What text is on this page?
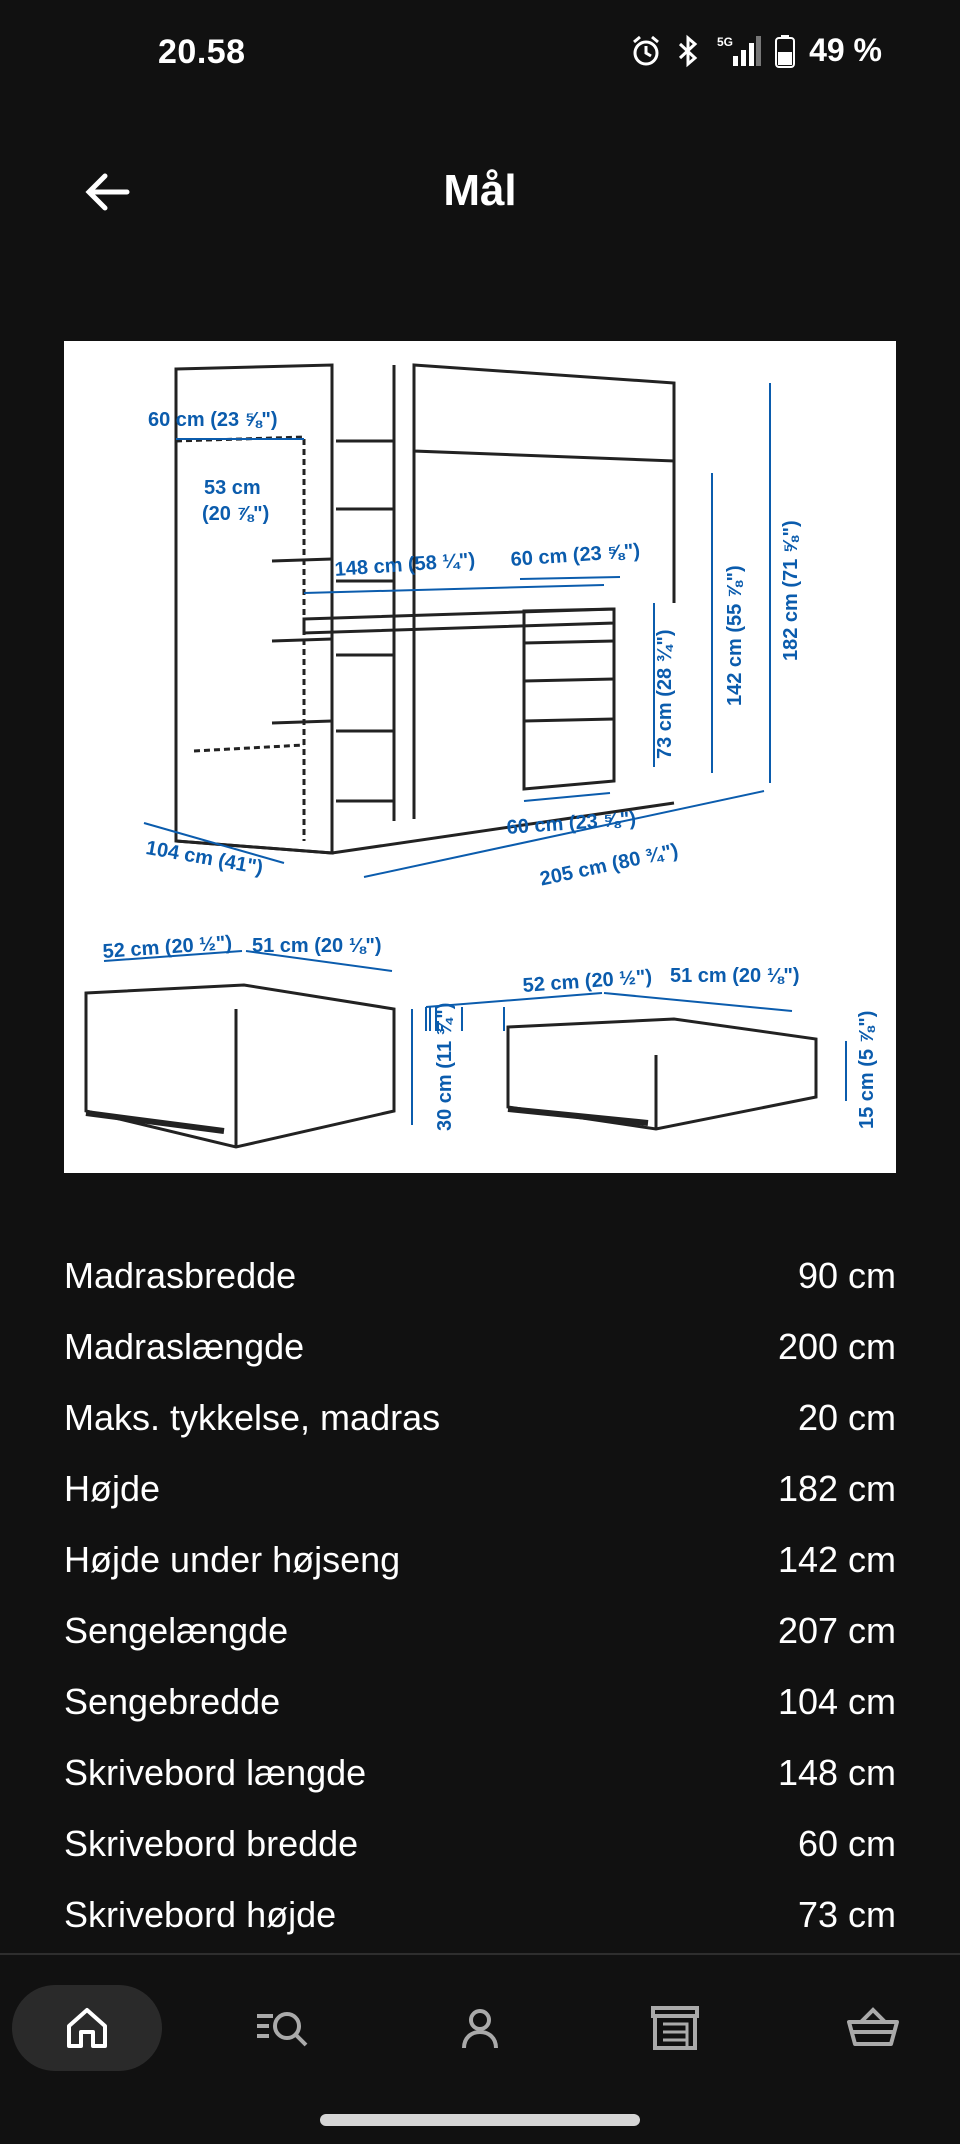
20.58	5G 49 %
Mål
60 cm (23 ⅝")
53 cm
(20 ⅞")
148 cm (58 ¼") 60 cm (23 ⅝")
142 cm (55 ⅞") 182 cm (71 ⅝")
73 cm (28 ¾")
60 cm (23 ⅝")
205 cm (80 ¾")
104 cm (41")
52 cm (20 ½") 51 cm (20 ⅛")
30 cm (11 ¾")
52 cm (20 ½") 51 cm (20 ⅛")
15 cm (5 ⅞")
Madrasbredde	90 cm
Madraslængde	200 cm
Maks. tykkelse, madras	20 cm
Højde	182 cm
Højde under højseng	142 cm
Sengelængde	207 cm
Sengebredde	104 cm
Skrivebord længde	148 cm
Skrivebord bredde	60 cm
Skrivebord højde	73 cm
